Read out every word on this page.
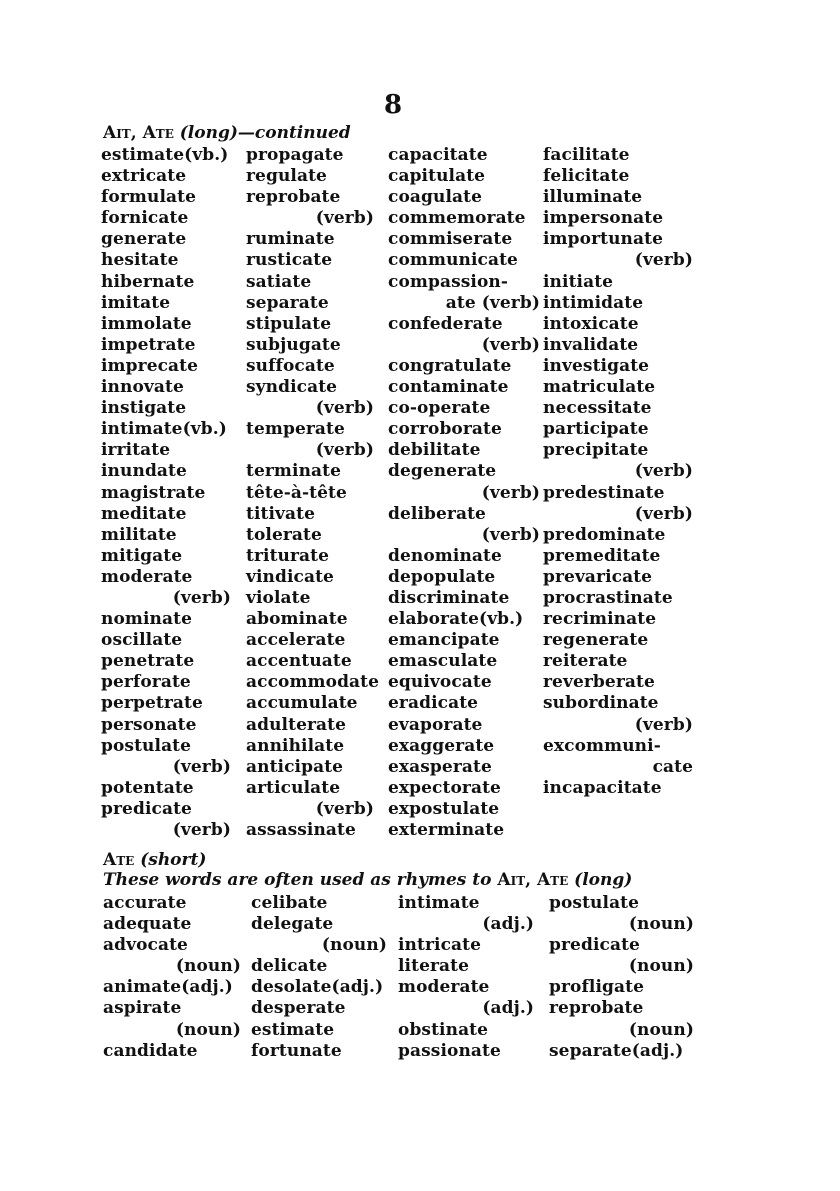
8
Ait, Ate (long)—continued
estimate(vb.)
extricate
formulate
fornicate
generate
hesitate
hibernate
imitate
immolate
impetrate
imprecate
innovate
instigate
intimate(vb.)
irritate
inundate
magistrate
meditate
militate
mitigate
moderate
(verb)
nominate
oscillate
penetrate
perforate
perpetrate
personate
postulate
(verb)
potentate
predicate
(verb)
propagate
regulate
reprobate
(verb)
ruminate
rusticate
satiate
separate
stipulate
subjugate
suffocate
syndicate
(verb)
temperate
(verb)
terminate
tête-à-tête
titivate
tolerate
triturate
vindicate
violate
abominate
accelerate
accentuate
accommodate
accumulate
adulterate
annihilate
anticipate
articulate
(verb)
assassinate
capacitate
capitulate
coagulate
commemorate
commiserate
communicate
compassion-
ate (verb)
confederate
(verb)
congratulate
contaminate
co-operate
corroborate
debilitate
degenerate
(verb)
deliberate
(verb)
denominate
depopulate
discriminate
elaborate(vb.)
emancipate
emasculate
equivocate
eradicate
evaporate
exaggerate
exasperate
expectorate
expostulate
exterminate
facilitate
felicitate
illuminate
impersonate
importunate
(verb)
initiate
intimidate
intoxicate
invalidate
investigate
matriculate
necessitate
participate
precipitate
(verb)
predestinate
(verb)
predominate
premeditate
prevaricate
procrastinate
recriminate
regenerate
reiterate
reverberate
subordinate
(verb)
excommuni-
cate
incapacitate
Ate (short)
These words are often used as rhymes to Ait, Ate (long)
accurate
adequate
advocate
(noun)
animate(adj.)
aspirate
(noun)
candidate
celibate
delegate
(noun)
delicate
desolate(adj.)
desperate
estimate
fortunate
intimate
(adj.)
intricate
literate
moderate
(adj.)
obstinate
passionate
postulate
(noun)
predicate
(noun)
profligate
reprobate
(noun)
separate(adj.)
